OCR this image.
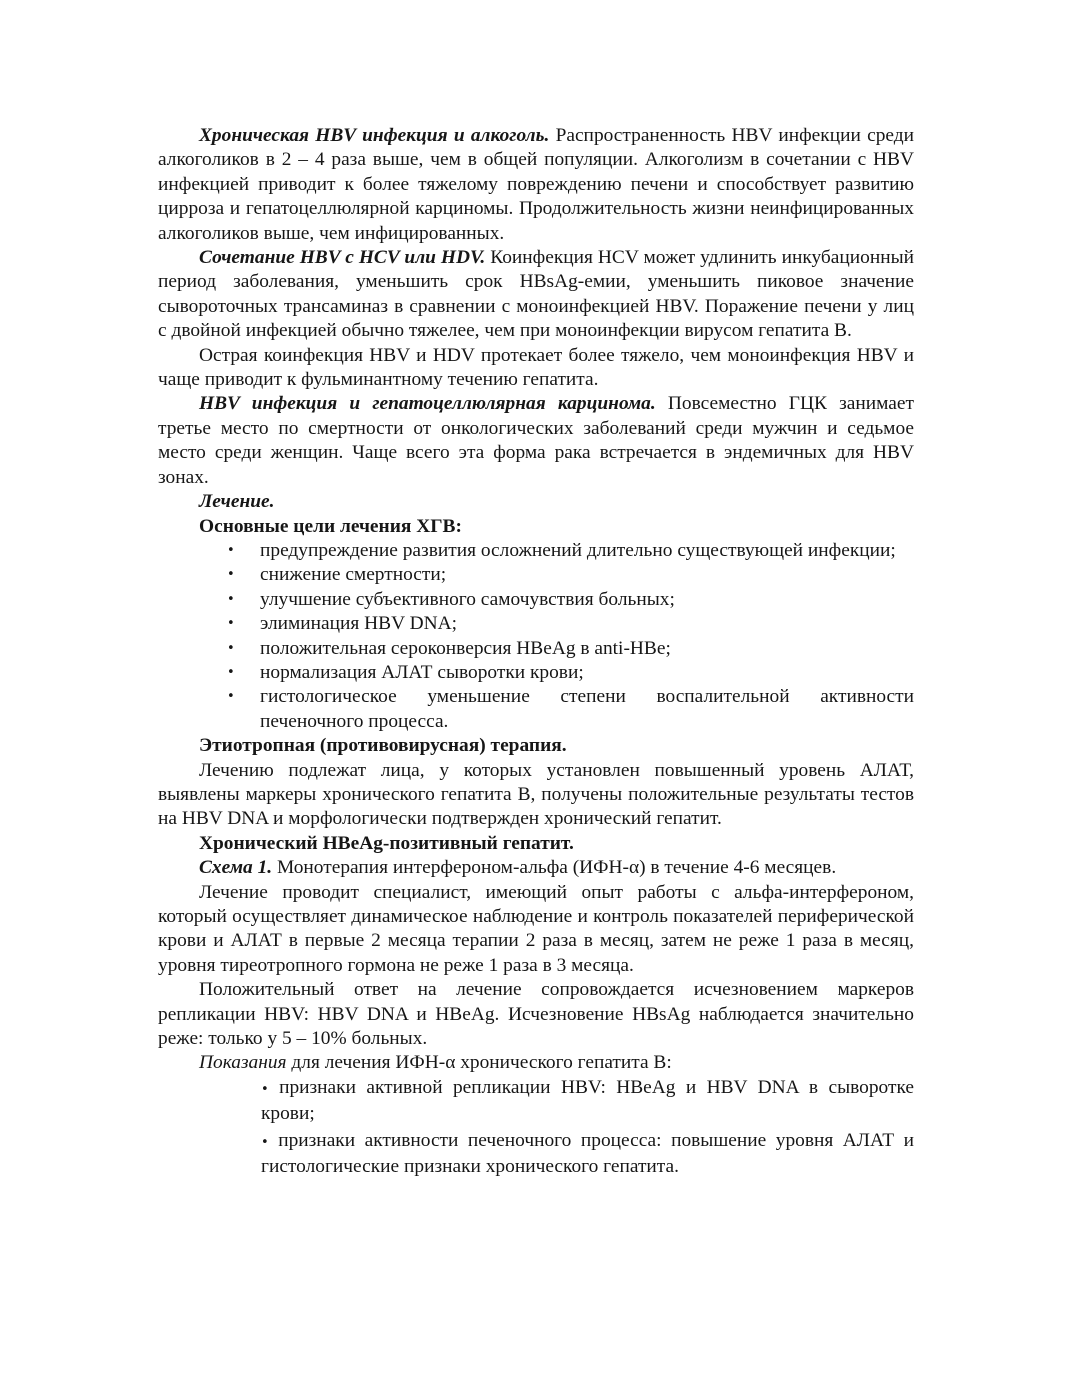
Хроническая HBV инфекция и алкоголь. Распространенность HBV инфекции среди алкоголиков в 2 – 4 раза выше, чем в общей популяции. Алкоголизм в сочетании с HBV инфекцией приводит к более тяжелому повреждению печени и способствует развитию цирроза и гепатоцеллюлярной карциномы. Продолжительность жизни неинфицированных алкоголиков выше, чем инфицированных.

Сочетание HBV с HCV или HDV. Коинфекция HCV может удлинить инкубационный период заболевания, уменьшить срок HBsAg-емии, уменьшить пиковое значение сывороточных трансаминаз в сравнении с моноинфекцией HBV. Поражение печени у лиц с двойной инфекцией обычно тяжелее, чем при моноинфекции вирусом гепатита B.

Острая коинфекция HBV и HDV протекает более тяжело, чем моноинфекция HBV и чаще приводит к фульминантному течению гепатита.

HBV инфекция и гепатоцеллюлярная карцинома. Повсеместно ГЦК занимает третье место по смертности от онкологических заболеваний среди мужчин и седьмое место среди женщин. Чаще всего эта форма рака встречается в эндемичных для HBV зонах.

Лечение.

Основные цели лечения ХГВ:

• предупреждение развития осложнений длительно существующей инфекции;
• снижение смертности;
• улучшение субъективного самочувствия больных;
• элиминация HBV DNA;
• положительная сероконверсия HBeAg в anti-HBe;
• нормализация АЛАТ сыворотки крови;
• гистологическое уменьшение степени воспалительной активности печеночного процесса.

Этиотропная (противовирусная) терапия.

Лечению подлежат лица, у которых установлен повышенный уровень АЛАТ, выявлены маркеры хронического гепатита B, получены положительные результаты тестов на HBV DNA и морфологически подтвержден хронический гепатит.

Хронический HBeAg-позитивный гепатит.

Схема 1. Монотерапия интерфероном-альфа (ИФН-α) в течение 4-6 месяцев.

Лечение проводит специалист, имеющий опыт работы с альфа-интерфероном, который осуществляет динамическое наблюдение и контроль показателей периферической крови и АЛАТ в первые 2 месяца терапии 2 раза в месяц, затем не реже 1 раза в месяц, уровня тиреотропного гормона не реже 1 раза в 3 месяца.

Положительный ответ на лечение сопровождается исчезновением маркеров репликации HBV: HBV DNA и HBeAg. Исчезновение HBsAg наблюдается значительно реже: только у 5 – 10% больных.

Показания для лечения ИФН-α хронического гепатита B:

• признаки активной репликации HBV: HBeAg и HBV DNA в сыворотке крови;
• признаки активности печеночного процесса: повышение уровня АЛАТ и гистологические признаки хронического гепатита.
